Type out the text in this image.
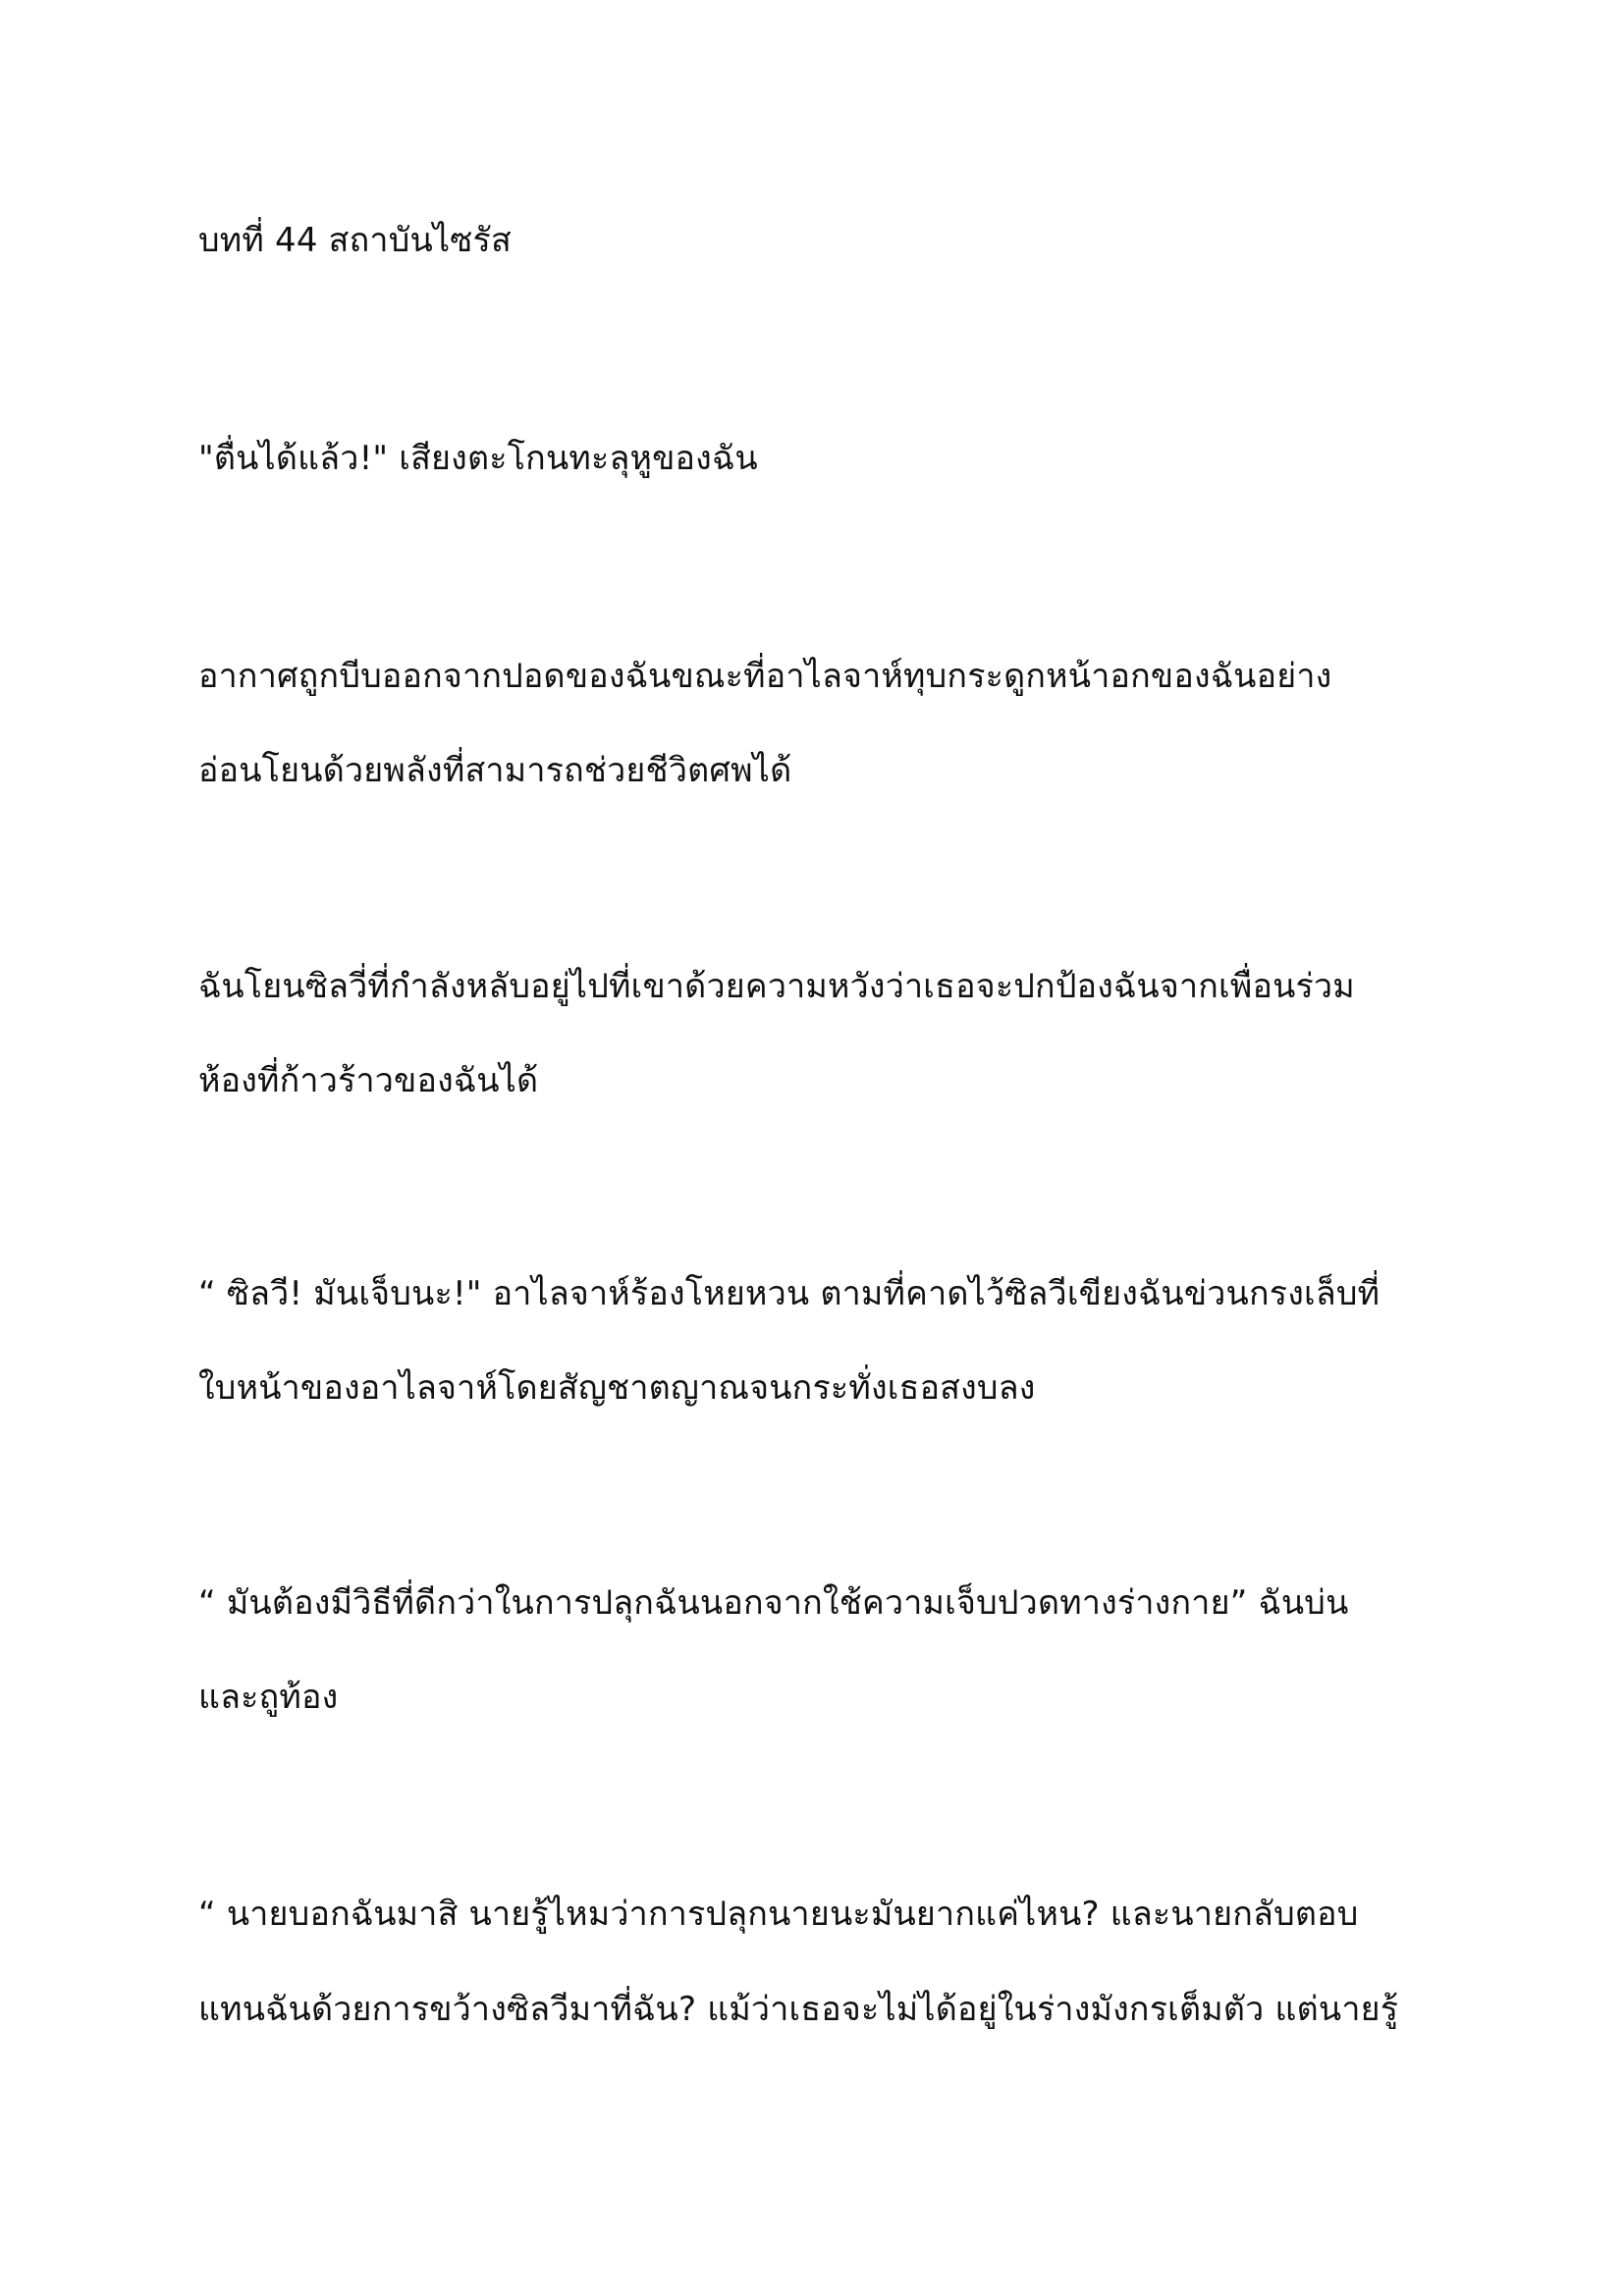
บทที่ 44 สถาบันไซรัส
"ตื่นได้แล้ว!" เสียงตะโกนทะลุหูของฉัน
อากาศถูกบีบออกจากปอดของฉันขณะที่อาไลจาห์ทุบกระดูกหน้าอกของฉันอย่าง
อ่อนโยนด้วยพลังที่สามารถช่วยชีวิตศพได้
ฉันโยนซิลวี่ที่กำลังหลับอยู่ไปที่เขาด้วยความหวังว่าเธอจะปกป้องฉันจากเพื่อนร่วม
ห้องที่ก้าวร้าวของฉันได้
“ ซิลวี! มันเจ็บนะ!" อาไลจาห์ร้องโหยหวน ตามที่คาดไว้ซิลวีเขียงฉันข่วนกรงเล็บที่
ใบหน้าของอาไลจาห์โดยสัญชาตญาณจนกระทั่งเธอสงบลง
“ มันต้องมีวิธีที่ดีกว่าในการปลุกฉันนอกจากใช้ความเจ็บปวดทางร่างกาย” ฉันบ่น
และถูท้อง
“ นายบอกฉันมาสิ นายรู้ไหมว่าการปลุกนายนะมันยากแค่ไหน? และนายกลับตอบ
แทนฉันด้วยการขว้างซิลวีมาที่ฉัน? แม้ว่าเธอจะไม่ได้อยู่ในร่างมังกรเต็มตัว แต่นายรู้
